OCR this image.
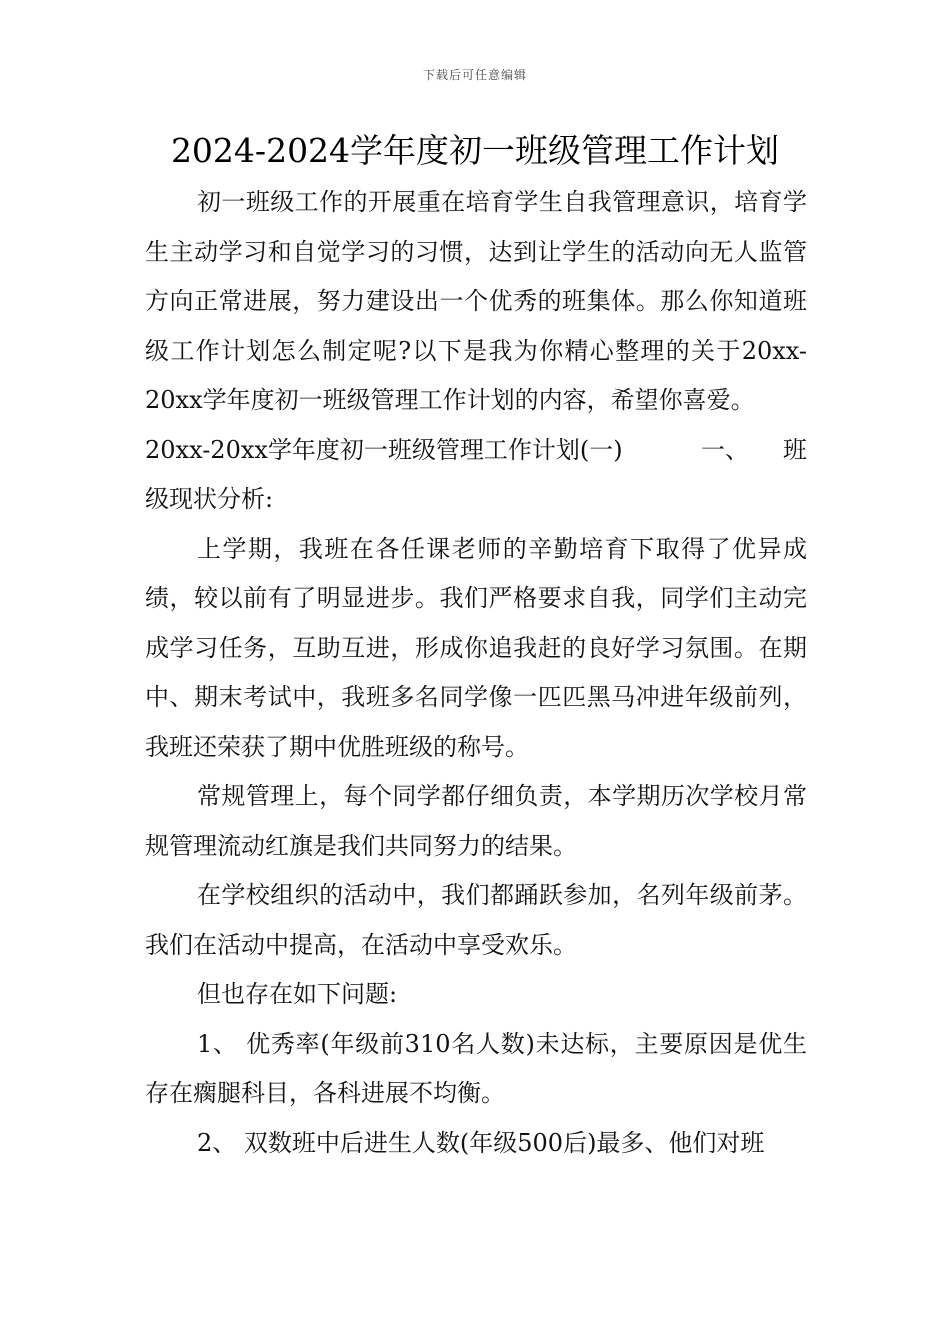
下载后可任意编辑
2024-2024学年度初一班级管理工作计划

初一班级工作的开展重在培育学生自我管理意识，培育学生主动学习和自觉学习的习惯，达到让学生的活动向无人监管方向正常进展，努力建设出一个优秀的班集体。那么你知道班级工作计划怎么制定呢?以下是我为你精心整理的关于20xx-20xx学年度初一班级管理工作计划的内容，希望你喜爱。

20xx-20xx学年度初一班级管理工作计划(一)	一、 班

级现状分析:

上学期，我班在各任课老师的辛勤培育下取得了优异成绩，较以前有了明显进步。我们严格要求自我，同学们主动完成学习任务，互助互进，形成你追我赶的良好学习氛围。在期中、期末考试中，我班多名同学像一匹匹黑马冲进年级前列，我班还荣获了期中优胜班级的称号。

常规管理上，每个同学都仔细负责，本学期历次学校月常规管理流动红旗是我们共同努力的结果。

在学校组织的活动中，我们都踊跃参加，名列年级前茅。我们在活动中提高，在活动中享受欢乐。

但也存在如下问题:

1、 优秀率(年级前310名人数)未达标，主要原因是优生存在瘸腿科目，各科进展不均衡。

2、 双数班中后进生人数(年级500后)最多、他们对班
